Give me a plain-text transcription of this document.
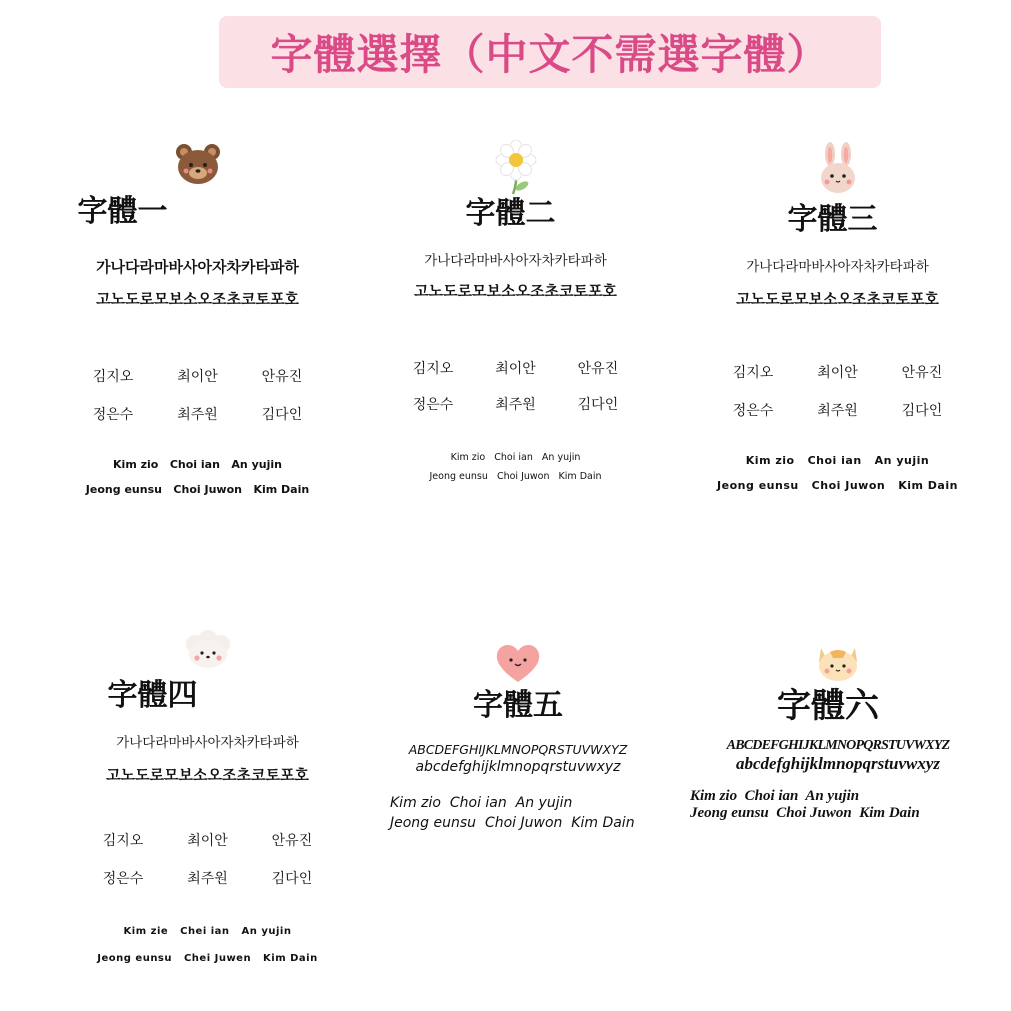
字體選擇（中文不需選字體）
字體一
가나다라마바사아자차카타파하
고노도로모보소오조초코토포호
김지오	최이안	안유진
정은수	최주원	김다인
Kim zio   Choi ian   An yujin
Jeong eunsu   Choi Juwon   Kim Dain
字體二
가나다라마바사아자차카타파하
고노도로모보소오조초코토포호
김지오	최이안	안유진
정은수	최주원	김다인
Kim zio   Choi ian   An yujin
Jeong eunsu   Choi Juwon   Kim Dain
字體三
가나다라마바사아자차카타파하
고노도로모보소오조초코토포호
김지오	최이안	안유진
정은수	최주원	김다인
Kim zio   Choi ian   An yujin
Jeong eunsu   Choi Juwon   Kim Dain
字體四
가나다라마바사아자차카타파하
고노도로모보소오조초코토포호
김지오	최이안	안유진
정은수	최주원	김다인
Kim zie   Chei ian   An yujin
Jeong eunsu   Chei Juwen   Kim Dain
字體五
ABCDEFGHIJKLMNOPQRSTUVWXYZ
abcdefghijklmnopqrstuvwxyz
Kim zio  Choi ian  An yujin
Jeong eunsu  Choi Juwon  Kim Dain
字體六
ABCDEFGHIJKLMNOPQRSTUVWXYZ
abcdefghijklmnopqrstuvwxyz
Kim zio  Choi ian  An yujin
Jeong eunsu  Choi Juwon  Kim Dain
